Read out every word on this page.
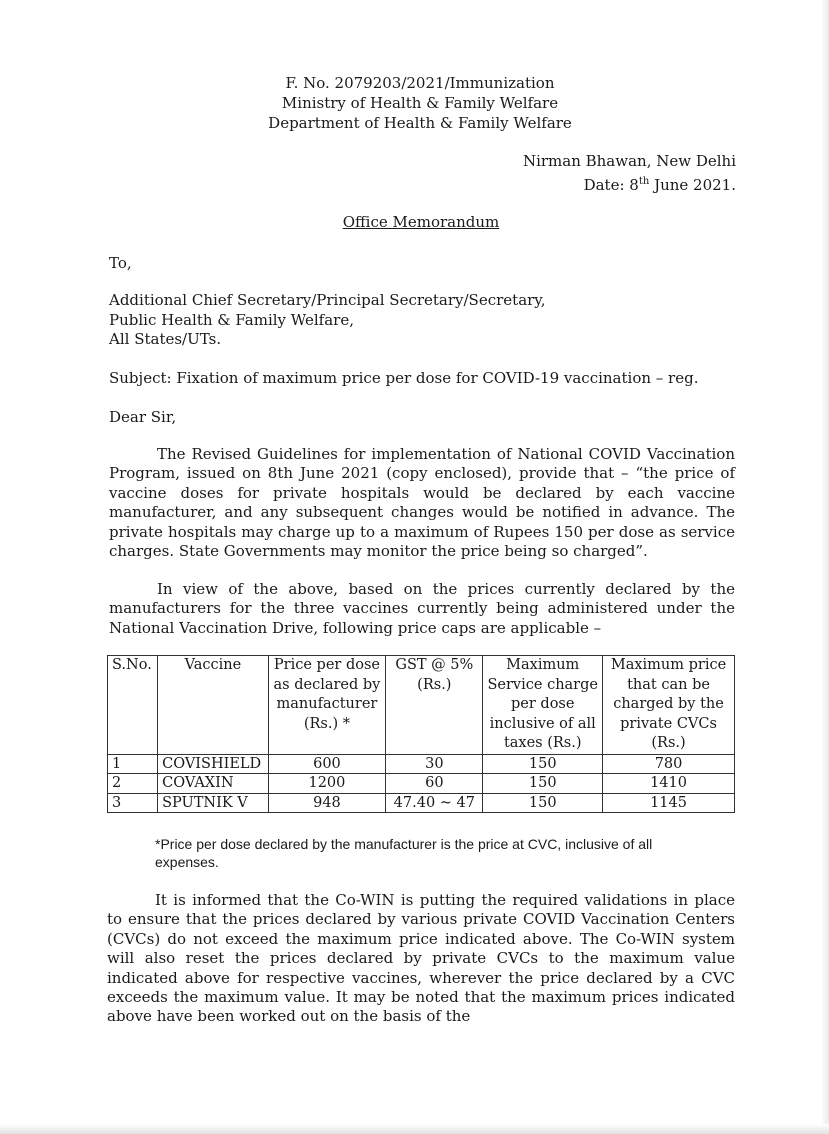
F. No. 2079203/2021/Immunization
Ministry of Health & Family Welfare
Department of Health & Family Welfare
Nirman Bhawan, New Delhi
Date: 8th June 2021.
Office Memorandum
To,
Additional Chief Secretary/Principal Secretary/Secretary,
Public Health & Family Welfare,
All States/UTs.
Subject: Fixation of maximum price per dose for COVID-19 vaccination – reg.
Dear Sir,
The Revised Guidelines for implementation of National COVID Vaccination Program, issued on 8th June 2021 (copy enclosed), provide that – “the price of vaccine doses for private hospitals would be declared by each vaccine manufacturer, and any subsequent changes would be notified in advance. The private hospitals may charge up to a maximum of Rupees 150 per dose as service charges. State Governments may monitor the price being so charged”.
In view of the above, based on the prices currently declared by the manufacturers for the three vaccines currently being administered under the National Vaccination Drive, following price caps are applicable –
S.No.	Vaccine	Price per dose as declared by manufacturer (Rs.) *	GST @ 5% (Rs.)	Maximum Service charge per dose inclusive of all taxes (Rs.)	Maximum price that can be charged by the private CVCs (Rs.)
1	COVISHIELD	600	30	150	780
2	COVAXIN	1200	60	150	1410
3	SPUTNIK V	948	47.40 ~ 47	150	1145
*Price per dose declared by the manufacturer is the price at CVC, inclusive of all expenses.
It is informed that the Co-WIN is putting the required validations in place to ensure that the prices declared by various private COVID Vaccination Centers (CVCs) do not exceed the maximum price indicated above. The Co-WIN system will also reset the prices declared by private CVCs to the maximum value indicated above for respective vaccines, wherever the price declared by a CVC exceeds the maximum value. It may be noted that the maximum prices indicated above have been worked out on the basis of the
